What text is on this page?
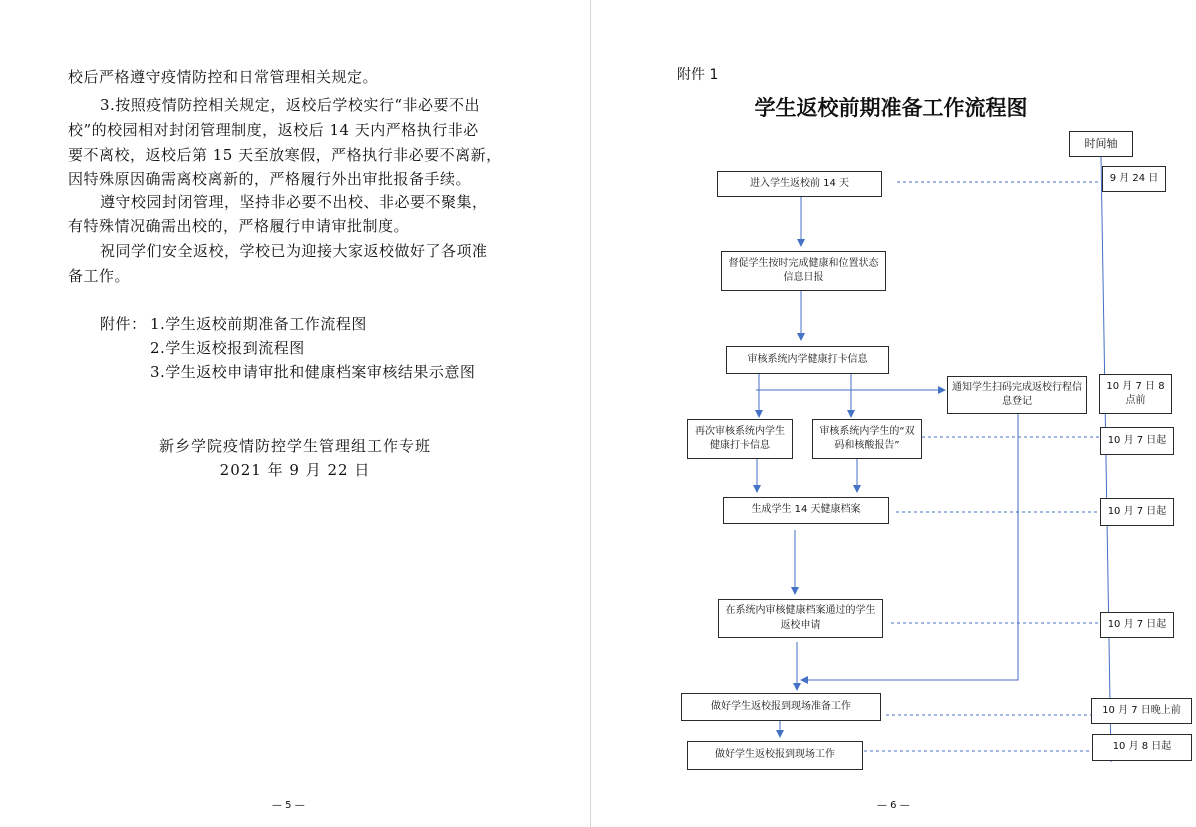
校后严格遵守疫情防控和日常管理相关规定。
3.按照疫情防控相关规定，返校后学校实行“非必要不出
校”的校园相对封闭管理制度，返校后 14 天内严格执行非必
要不离校，返校后第 15 天至放寒假，严格执行非必要不离新，
因特殊原因确需离校离新的，严格履行外出审批报备手续。
遵守校园封闭管理，坚持非必要不出校、非必要不聚集，
有特殊情况确需出校的，严格履行申请审批制度。
祝同学们安全返校，学校已为迎接大家返校做好了各项准
备工作。
附件： 1.学生返校前期准备工作流程图
2.学生返校报到流程图
3.学生返校申请审批和健康档案审核结果示意图
新乡学院疫情防控学生管理组工作专班
2021 年 9 月 22 日
— 5 —
附件 1
学生返校前期准备工作流程图
时间轴
进入学生返校前 14 天
督促学生按时完成健康和位置状态信息日报
审核系统内学健康打卡信息
通知学生扫码完成返校行程信息登记
再次审核系统内学生健康打卡信息
审核系统内学生的“双码和核酸报告”
生成学生 14 天健康档案
在系统内审核健康档案通过的学生返校申请
做好学生返校报到现场准备工作
做好学生返校报到现场工作
9 月 24 日
10 月 7 日 8 点前
10 月 7 日起
10 月 7 日起
10 月 7 日起
10 月 7 日晚上前
10 月 8 日起
— 6 —
